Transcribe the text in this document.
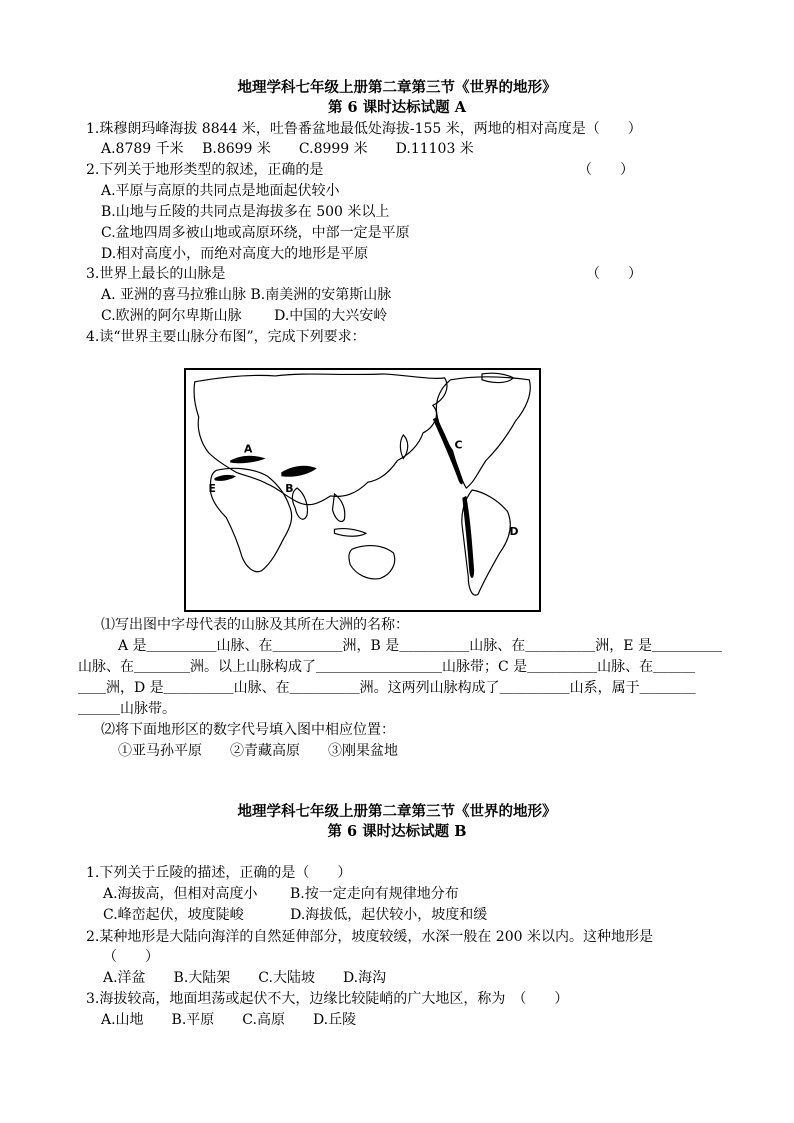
地理学科七年级上册第二章第三节《世界的地形》
第 6 课时达标试题 A
1.珠穆朗玛峰海拔 8844 米，吐鲁番盆地最低处海拔-155 米，两地的相对高度是（　　）
A.8789 千米　 B.8699 米　　C.8999 米　　D.11103 米
2.下列关于地形类型的叙述，正确的是	（　　）
A.平原与高原的共同点是地面起伏较小
B.山地与丘陵的共同点是海拔多在 500 米以上
C.盆地四周多被山地或高原环绕，中部一定是平原
D.相对高度小，而绝对高度大的地形是平原
3.世界上最长的山脉是	（　　）
A. 亚洲的喜马拉雅山脉 B.南美洲的安第斯山脉
C.欧洲的阿尔卑斯山脉　　 D.中国的大兴安岭
4.读“世界主要山脉分布图”，完成下列要求：
A
B
C
D
E
⑴写出图中字母代表的山脉及其所在大洲的名称：
A 是＿＿＿＿＿山脉、在＿＿＿＿＿洲，B 是＿＿＿＿＿山脉、在＿＿＿＿＿洲，E 是＿＿＿＿＿
山脉、在＿＿＿＿洲。以上山脉构成了＿＿＿＿＿＿＿＿＿山脉带；C 是＿＿＿＿＿山脉、在＿＿＿
＿＿洲，D 是＿＿＿＿＿山脉、在＿＿＿＿＿洲。这两列山脉构成了＿＿＿＿＿山系，属于＿＿＿＿
＿＿＿山脉带。
⑵将下面地形区的数字代号填入图中相应位置：
①亚马孙平原　　②青藏高原　　③刚果盆地
地理学科七年级上册第二章第三节《世界的地形》
第 6 课时达标试题 B
1.下列关于丘陵的描述，正确的是（　　）
A.海拔高，但相对高度小　　 B.按一定走向有规律地分布
C.峰峦起伏，坡度陡峻　　　 D.海拔低，起伏较小，坡度和缓
2.某种地形是大陆向海洋的自然延伸部分，坡度较缓，水深一般在 200 米以内。这种地形是
（　　）
A.洋盆　　B.大陆架　　C.大陆坡　　D.海沟
3.海拔较高，地面坦荡或起伏不大，边缘比较陡峭的广大地区，称为　（　　）
A.山地　　B.平原　　C.高原　　D.丘陵
